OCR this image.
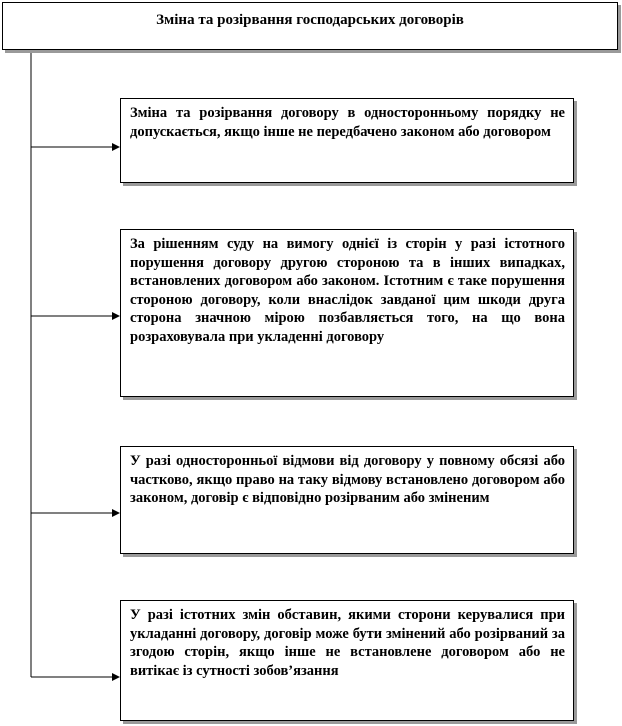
Зміна та розірвання господарських договорів
Зміна та розірвання договору в односторонньому порядку не допускається, якщо інше не передбачено законом або договором
За рішенням суду на вимогу однієї із сторін у разі істотного порушення договору другою стороною та в інших випадках, встановлених договором або законом. Істотним є таке порушення стороною договору, коли внаслідок завданої цим шкоди друга сторона значною мірою позбавляється того, на що вона розраховувала при укладенні договору
У разі односторонньої відмови від договору у повному обсязі або частково, якщо право на таку відмову встановлено договором або законом, договір є відповідно розірваним або зміненим
У разі істотних змін обставин, якими сторони керувалися при укладанні договору, договір може бути змінений або розірваний за згодою сторін, якщо інше не встановлене договором або не витікає із сутності зобов’язання
